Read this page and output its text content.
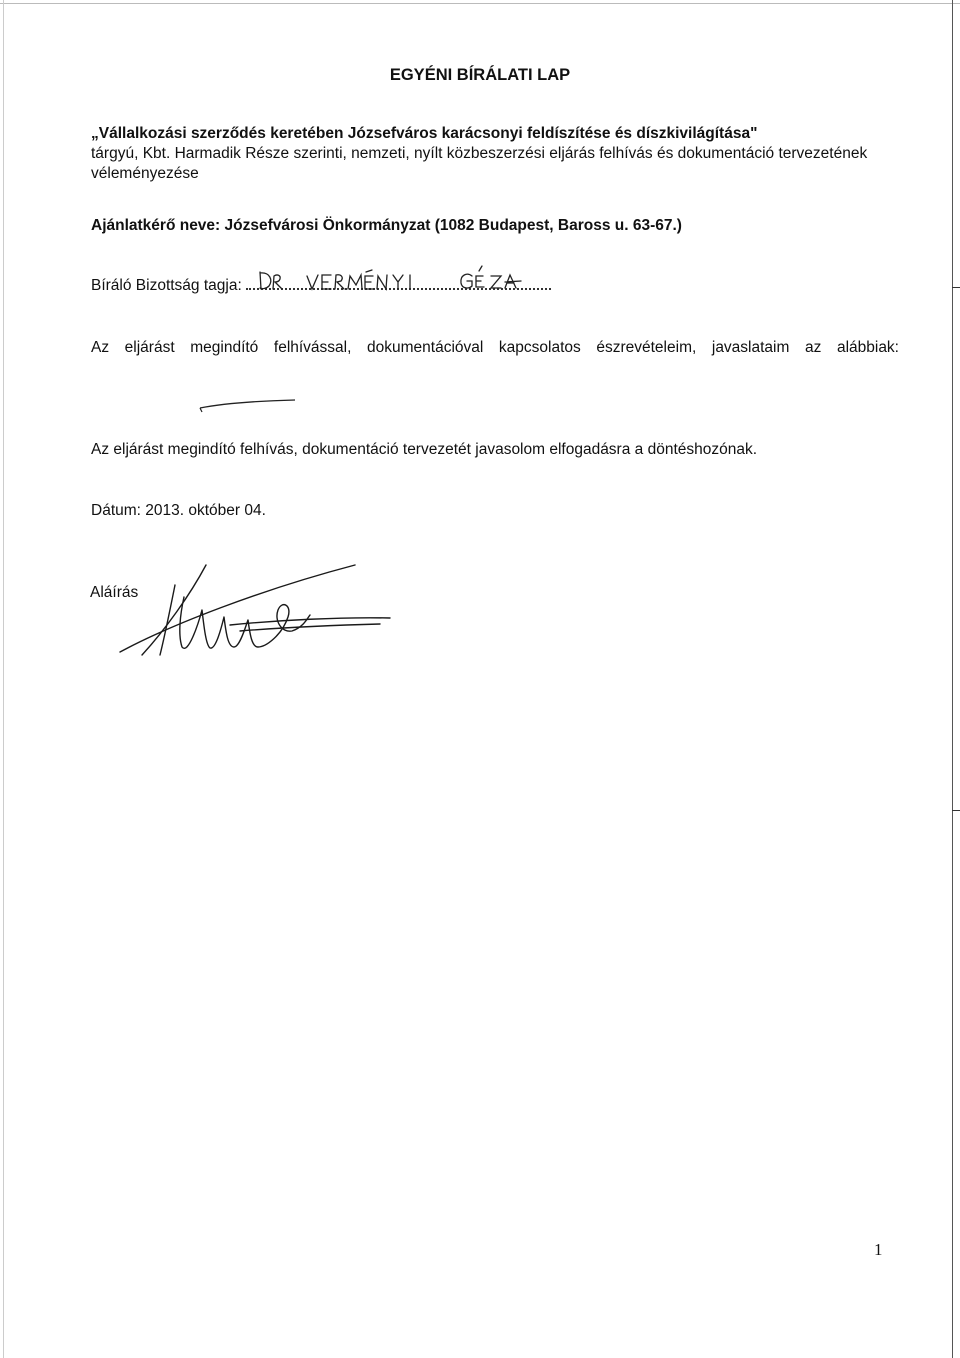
EGYÉNI BÍRÁLATI LAP
„Vállalkozási szerződés keretében Józsefváros karácsonyi feldíszítése és díszkivilágítása"
tárgyú, Kbt. Harmadik Része szerinti, nemzeti, nyílt közbeszerzési eljárás felhívás és dokumentáció tervezetének véleményezése
Ajánlatkérő neve: Józsefvárosi Önkormányzat (1082 Budapest, Baross u. 63-67.)
Bíráló Bizottság tagja:
Az eljárást megindító felhívással, dokumentációval kapcsolatos észrevételeim, javaslataim az alábbiak:
Az eljárást megindító felhívás, dokumentáció tervezetét javasolom elfogadásra a döntéshozónak.
Dátum: 2013. október 04.
Aláírás
1
